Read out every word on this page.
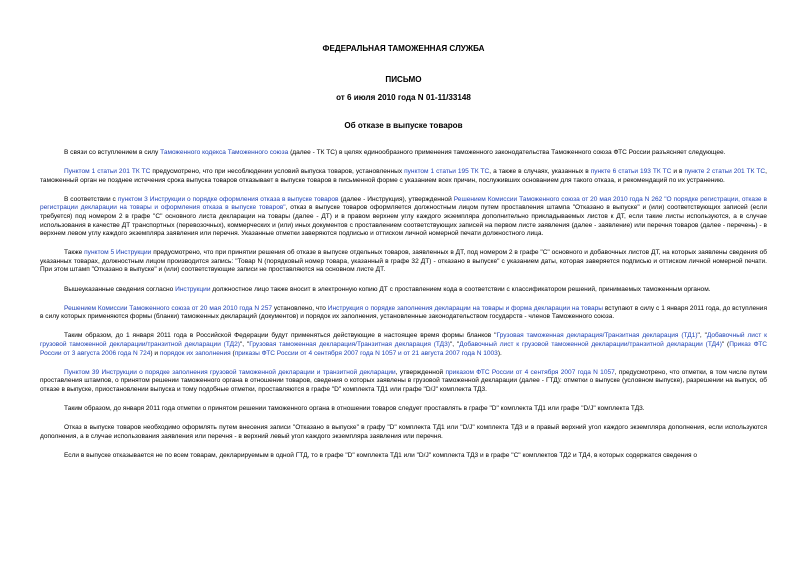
ФЕДЕРАЛЬНАЯ ТАМОЖЕННАЯ СЛУЖБА

ПИСЬМО

от 6 июля 2010 года N 01-11/33148

Об отказе в выпуске товаров

В связи со вступлением в силу Таможенного кодекса Таможенного союза (далее - ТК ТС) в целях единообразного применения таможенного законодательства Таможенного союза ФТС России разъясняет следующее.

Пунктом 1 статьи 201 ТК ТС предусмотрено, что при несоблюдении условий выпуска товаров, установленных пунктом 1 статьи 195 ТК ТС, а также в случаях, указанных в пункте 6 статьи 193 ТК ТС и в пункте 2 статьи 201 ТК ТС, таможенный орган не позднее истечения срока выпуска товаров отказывает в выпуске товаров в письменной форме с указанием всех причин, послуживших основанием для такого отказа, и рекомендаций по их устранению.

В соответствии с пунктом 3 Инструкции о порядке оформления отказа в выпуске товаров (далее - Инструкция), утвержденной Решением Комиссии Таможенного союза от 20 мая 2010 года N 262 "О порядке регистрации, отказе в регистрации декларации на товары и оформления отказа в выпуске товаров", отказ в выпуске товаров оформляется должностным лицом путем проставления штампа "Отказано в выпуске" и (или) соответствующих записей (если требуется) под номером 2 в графе "С" основного листа декларации на товары (далее - ДТ) и в правом верхнем углу каждого экземпляра дополнительно прикладываемых листов к ДТ, если такие листы используются, а в случае использования в качестве ДТ транспортных (перевозочных), коммерческих и (или) иных документов с проставлением соответствующих записей на первом листе заявления (далее - заявление) или перечня товаров (далее - перечень) - в верхнем левом углу каждого экземпляра заявления или перечня. Указанные отметки заверяются подписью и оттиском личной номерной печати должностного лица.

Также пунктом 5 Инструкции предусмотрено, что при принятии решения об отказе в выпуске отдельных товаров, заявленных в ДТ, под номером 2 в графе "С" основного и добавочных листов ДТ, на которых заявлены сведения об указанных товарах, должностным лицом производится запись: "Товар N (порядковый номер товара, указанный в графе 32 ДТ) - отказано в выпуске" с указанием даты, которая заверяется подписью и оттиском личной номерной печати. При этом штамп "Отказано в выпуске" и (или) соответствующие записи не проставляются на основном листе ДТ.

Вышеуказанные сведения согласно Инструкции должностное лицо также вносит в электронную копию ДТ с проставлением кода в соответствии с классификатором решений, принимаемых таможенным органом.

Решением Комиссии Таможенного союза от 20 мая 2010 года N 257 установлено, что Инструкция о порядке заполнения декларации на товары и форма декларации на товары вступают в силу с 1 января 2011 года, до вступления в силу которых применяются формы (бланки) таможенных деклараций (документов) и порядок их заполнения, установленные законодательством государств - членов Таможенного союза.

Таким образом, до 1 января 2011 года в Российской Федерации будут применяться действующие в настоящее время формы бланков "Грузовая таможенная декларация/Транзитная декларация (ТД1)", "Добавочный лист к грузовой таможенной декларации/транзитной декларации (ТД2)", "Грузовая таможенная декларация/Транзитная декларация (ТД3)", "Добавочный лист к грузовой таможенной декларации/транзитной декларации (ТД4)" (Приказ ФТС России от 3 августа 2006 года N 724) и порядок их заполнения (приказы ФТС России от 4 сентября 2007 года N 1057 и от 21 августа 2007 года N 1003).

Пунктом 39 Инструкции о порядке заполнения грузовой таможенной декларации и транзитной декларации, утвержденной приказом ФТС России от 4 сентября 2007 года N 1057, предусмотрено, что отметки, в том числе путем проставления штампов, о принятом решении таможенного органа в отношении товаров, сведения о которых заявлены в грузовой таможенной декларации (далее - ГТД): отметки о выпуске (условном выпуске), разрешении на выпуск, об отказе в выпуске, приостановлении выпуска и тому подобные отметки, проставляются в графе "D" комплекта ТД1 или графе "D/J" комплекта ТД3.

Таким образом, до января 2011 года отметки о принятом решении таможенного органа в отношении товаров следует проставлять в графе "D" комплекта ТД1 или графе "D/J" комплекта ТД3.

Отказ в выпуске товаров необходимо оформлять путем внесения записи "Отказано в выпуске" в графу "D" комплекта ТД1 или "D/J" комплекта ТД3 и в правый верхний угол каждого экземпляра дополнения, если используются дополнения, а в случае использования заявления или перечня - в верхний левый угол каждого экземпляра заявления или перечня.

Если в выпуске отказывается не по всем товарам, декларируемым в одной ГТД, то в графе "D" комплекта ТД1 или "D/J" комплекта ТД3 и в графе "С" комплектов ТД2 и ТД4, в которых содержатся сведения о
